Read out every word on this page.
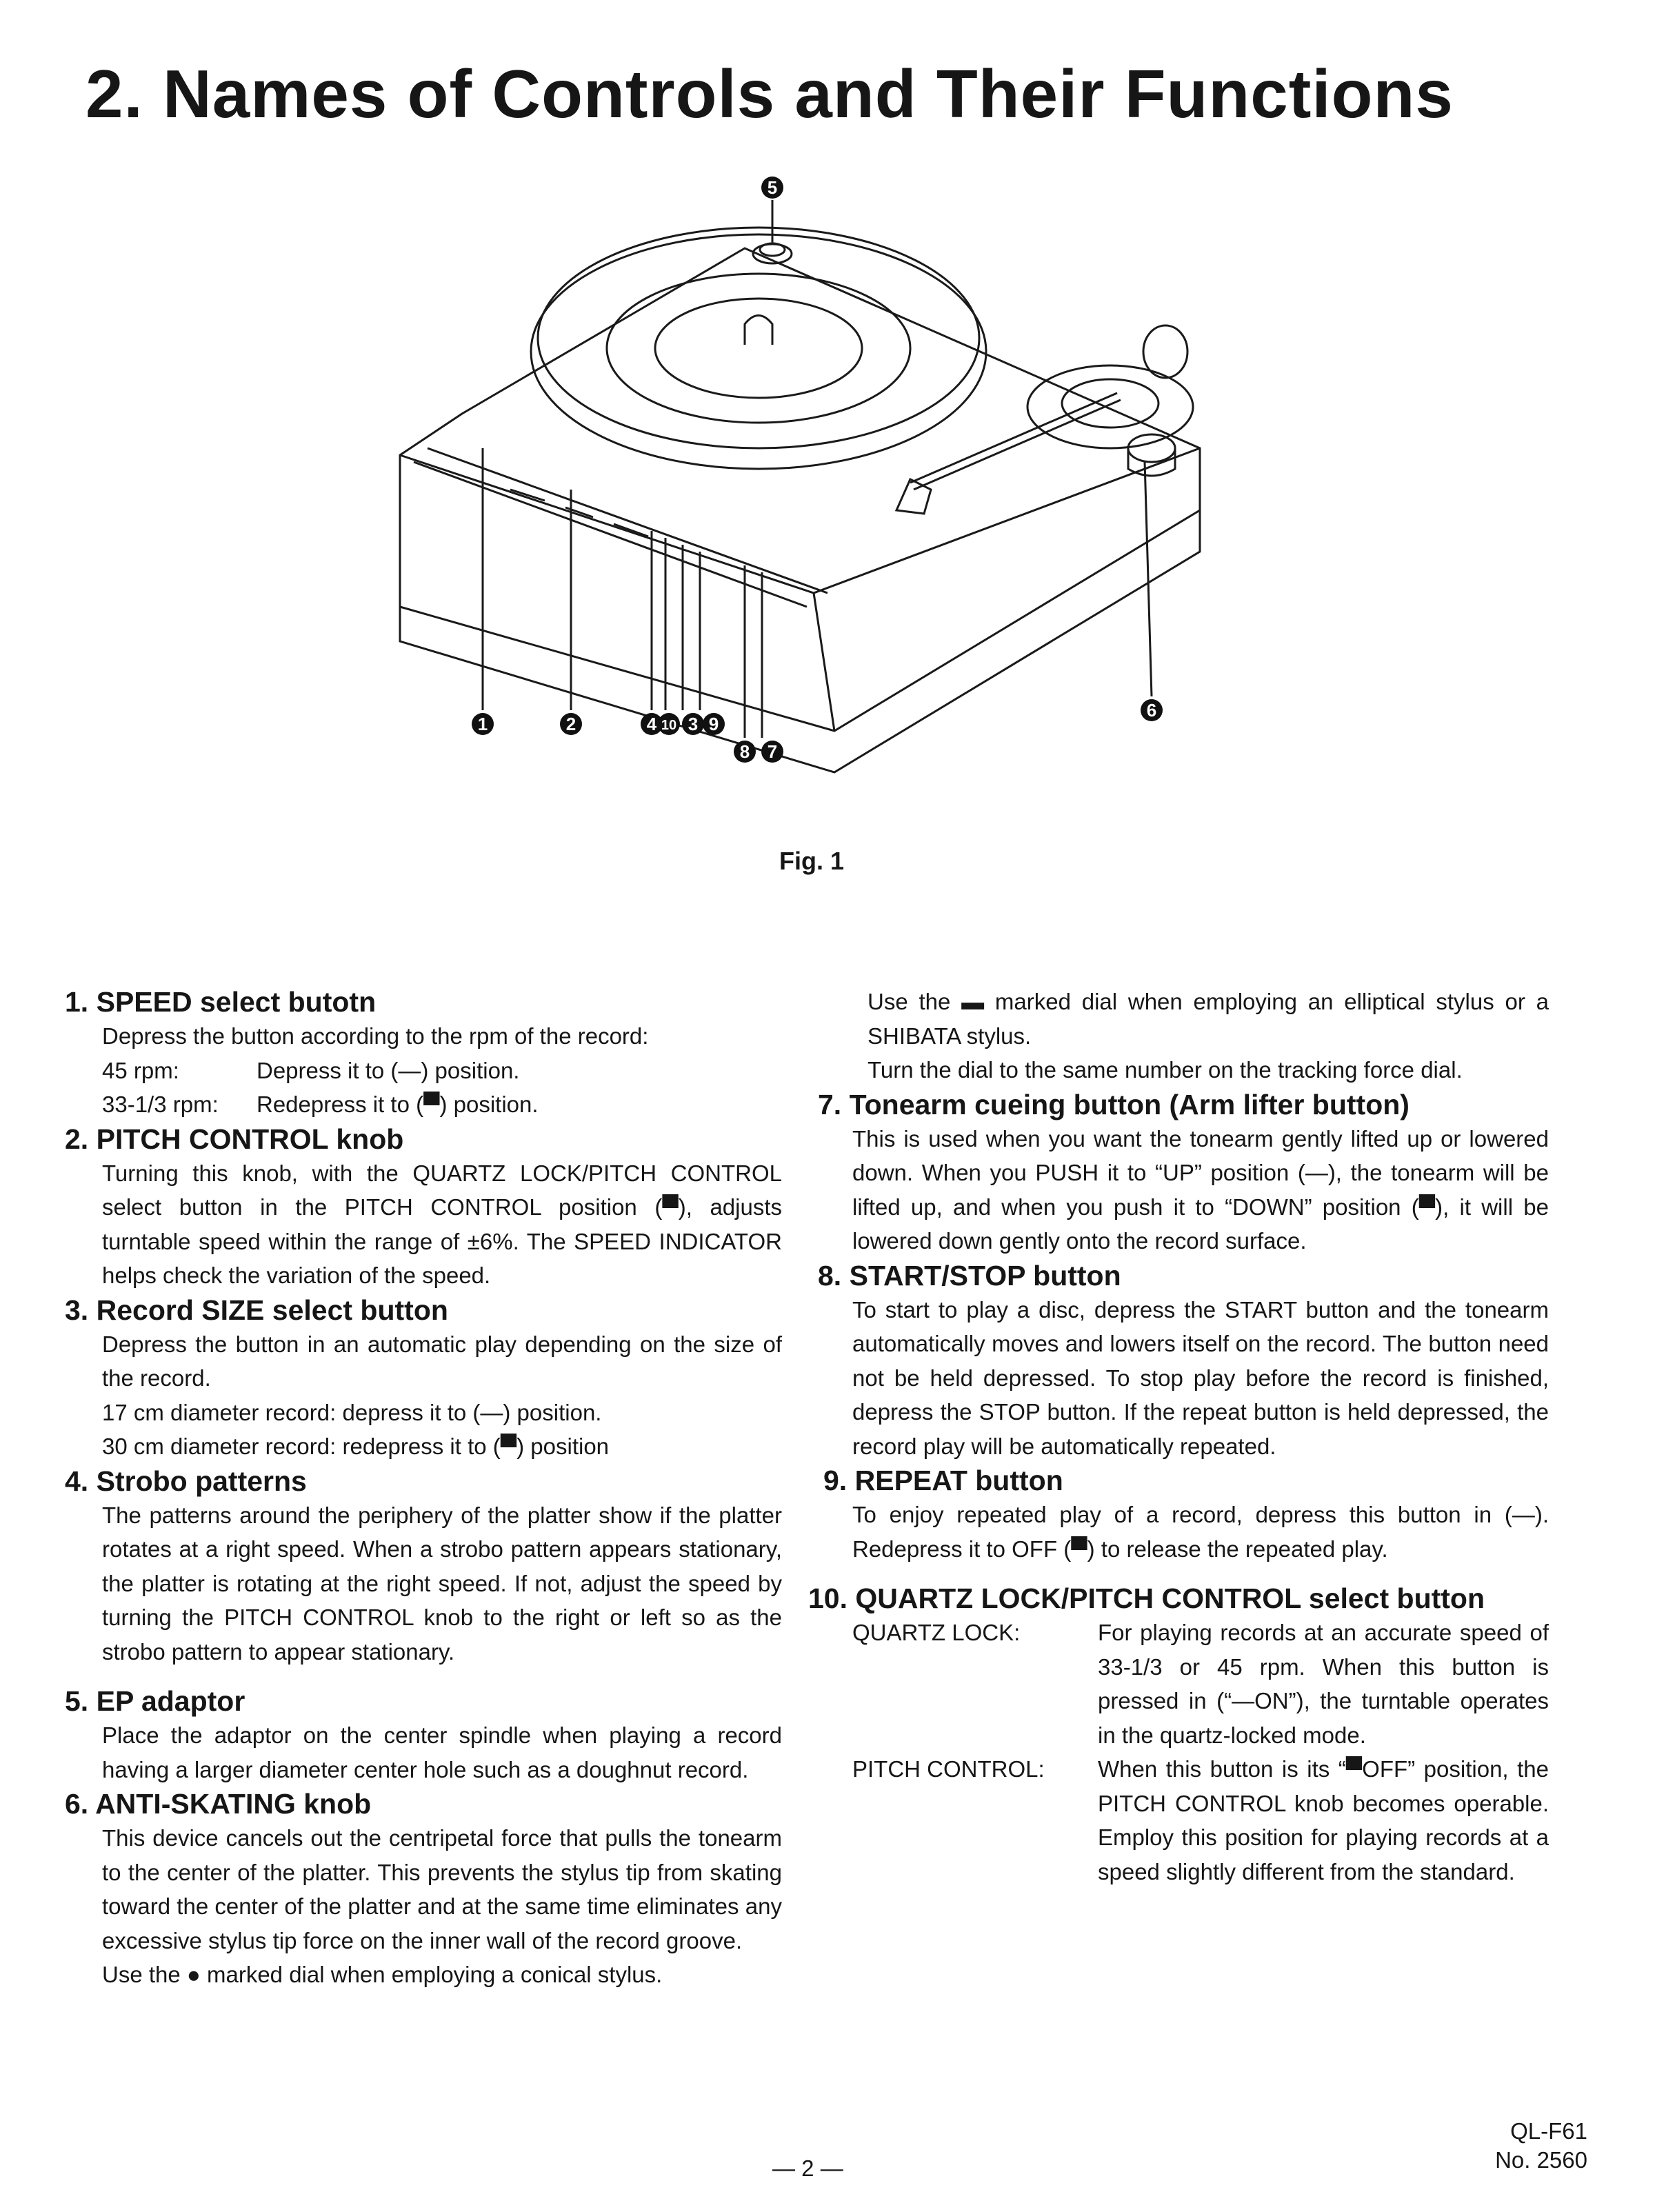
2. Names of Controls and Their Functions
1	2	4 10 3 9
8 7
6
5
Fig. 1
1. SPEED select butotn

Depress the button according to the rpm of the record:

45 rpm:	Depress it to (—) position.
33-1/3 rpm:	Redepress it to (▀) position.
2. PITCH CONTROL knob

Turning this knob, with the QUARTZ LOCK/PITCH CONTROL select button in the PITCH CONTROL position (▀), adjusts turntable speed within the range of ±6%. The SPEED INDICATOR helps check the variation of the speed.

3. Record SIZE select button

Depress the button in an automatic play depending on the size of the record.

17 cm diameter record:
depress it to (—) position.
30 cm diameter record:
redepress it to (▀) position
4. Strobo patterns

The patterns around the periphery of the platter show if the platter rotates at a right speed. When a strobo pattern appears stationary, the platter is rotating at the right speed. If not, adjust the speed by turning the PITCH CONTROL knob to the right or left so as the strobo pattern to appear stationary.

5. EP adaptor

Place the adaptor on the center spindle when playing a record having a larger diameter center hole such as a doughnut record.

6. ANTI-SKATING knob

This device cancels out the centripetal force that pulls the tonearm to the center of the platter. This prevents the stylus tip from skating toward the center of the platter and at the same time eliminates any excessive stylus tip force on the inner wall of the record groove.

Use the ● marked dial when employing a conical stylus.

Use the ▬ marked dial when employing an elliptical stylus or a SHIBATA stylus.

Turn the dial to the same number on the tracking force dial.

7. Tonearm cueing button (Arm lifter button)

This is used when you want the tonearm gently lifted up or lowered down. When you PUSH it to “UP” position (—), the tonearm will be lifted up, and when you push it to “DOWN” position (▀), it will be lowered down gently onto the record surface.

8. START/STOP button

To start to play a disc, depress the START button and the tonearm automatically moves and lowers itself on the record. The button need not be held depressed. To stop play before the record is finished, depress the STOP button. If the repeat button is held depressed, the record play will be automatically repeated.

9. REPEAT button

To enjoy repeated play of a record, depress this button in (—). Redepress it to OFF (▀) to release the repeated play.

10. QUARTZ LOCK/PITCH CONTROL select button
QUARTZ LOCK:	For playing records at an accurate speed of 33-1/3 or 45 rpm. When this button is pressed in (“—ON”), the turntable operates in the quartz-locked mode.
PITCH CONTROL:	When this button is its “▀OFF” position, the PITCH CONTROL knob becomes operable. Employ this position for playing records at a speed slightly different from the standard.
— 2 —
QL-F61
No. 2560
